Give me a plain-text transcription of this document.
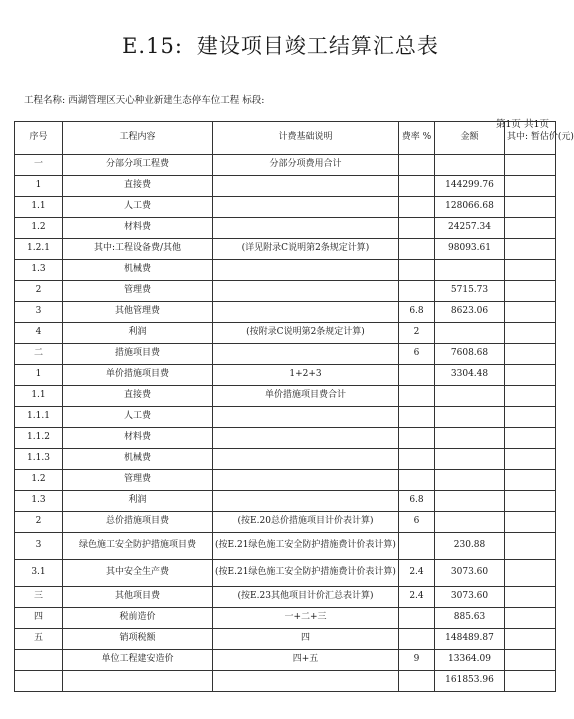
E.15: 建设项目竣工结算汇总表
工程名称: 西湖管理区天心种业新建生态停车位工程 标段:
第1页 共1页
序号	工程内容	计费基础说明	费率 %	金额	其中: 暂估价(元)
一	分部分项工程费	分部分项费用合计			
1	直接费			144299.76	
1.1	人工费			128066.68	
1.2	材料费			24257.34	
1.2.1	其中:工程设备费/其他	(详见附录C说明第2条规定计算)		98093.61	
1.3	机械费				
2	管理费			5715.73	
3	其他管理费		6.8	8623.06	
4	利润	(按附录C说明第2条规定计算)	2		
二	措施项目费		6	7608.68	
1	单价措施项目费	1+2+3		3304.48	
1.1	直接费	单价措施项目费合计			
1.1.1	人工费				
1.1.2	材料费				
1.1.3	机械费				
1.2	管理费				
1.3	利润		6.8		
2	总价措施项目费	(按E.20总价措施项目计价表计算)	6		
3	绿色施工安全防护措施项目费	(按E.21绿色施工安全防护措施费计价表计算)		230.88	
3.1	其中安全生产费	(按E.21绿色施工安全防护措施费计价表计算)	2.4	3073.60	
三	其他项目费	(按E.23其他项目计价汇总表计算)	2.4	3073.60	
四	税前造价	一+二+三		885.63	
五	销项税额	四		148489.87	
	单位工程建安造价	四+五	9	13364.09	
				161853.96	
